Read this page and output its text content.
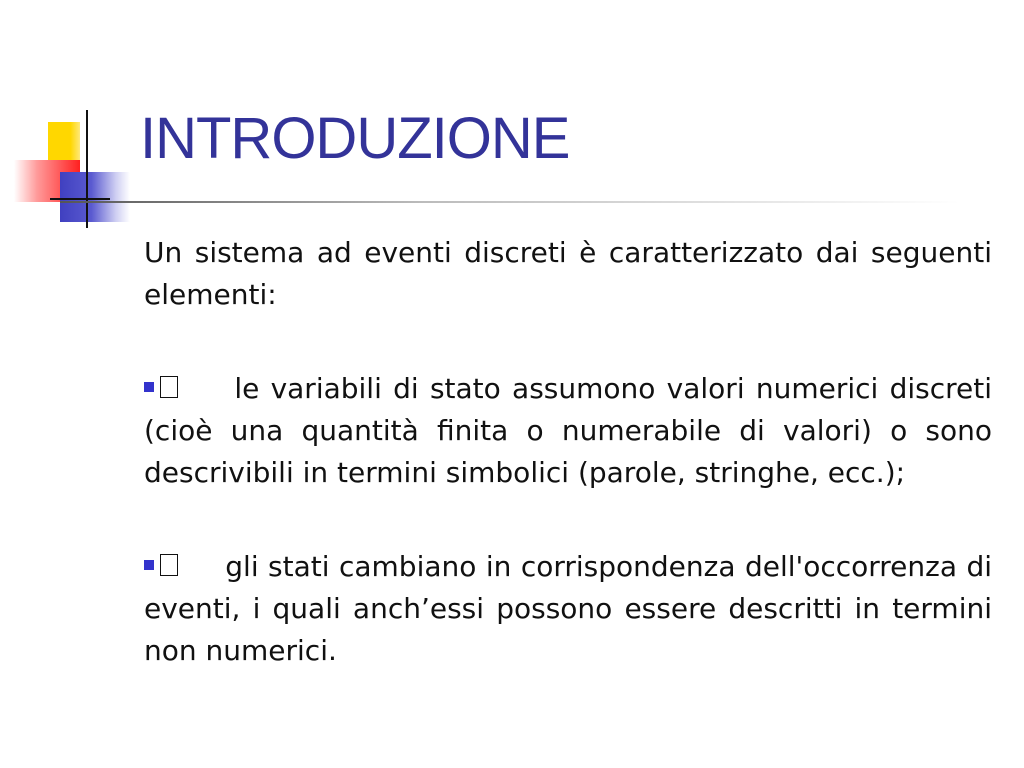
INTRODUZIONE

Un sistema ad eventi discreti è caratterizzato dai seguenti elementi:

le variabili di stato assumono valori numerici discreti (cioè una quantità finita o numerabile di valori) o sono descrivibili in termini simbolici (parole, stringhe, ecc.);

gli stati cambiano in corrispondenza dell'occorrenza di eventi, i quali anch’essi possono essere descritti in termini non numerici.
